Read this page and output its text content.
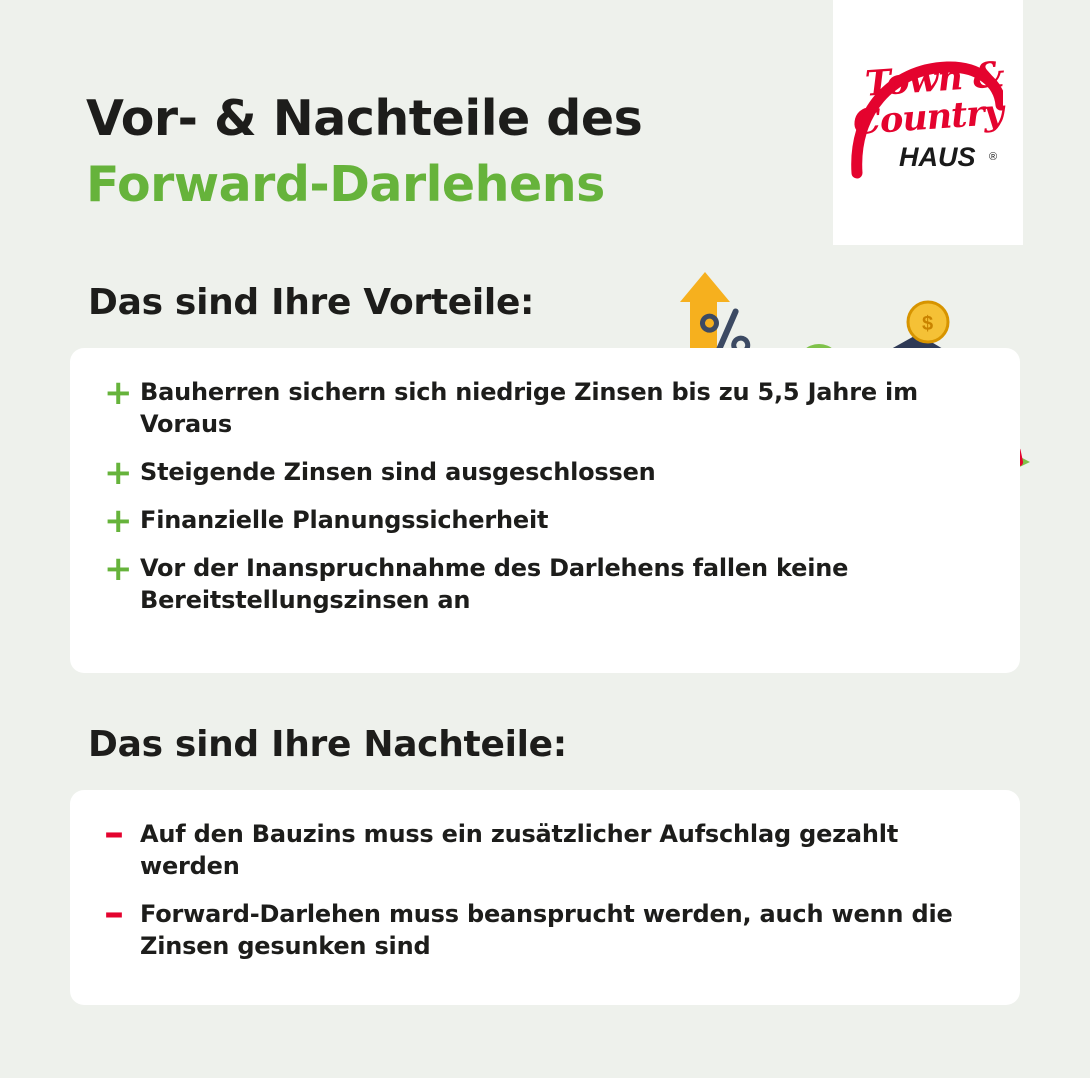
Town &
Country
HAUS ®
Vor- & Nachteile des
Forward-Darlehens
$
Das sind Ihre Vorteile:
+ Bauherren sichern sich niedrige Zinsen bis zu 5,5 Jahre im Voraus
+ Steigende Zinsen sind ausgeschlossen
+ Finanzielle Planungssicherheit
+ Vor der Inanspruchnahme des Darlehens fallen keine Bereitstellungszinsen an
Das sind Ihre Nachteile:
– Auf den Bauzins muss ein zusätzlicher Aufschlag gezahlt werden
– Forward-Darlehen muss beansprucht werden, auch wenn die Zinsen gesunken sind
